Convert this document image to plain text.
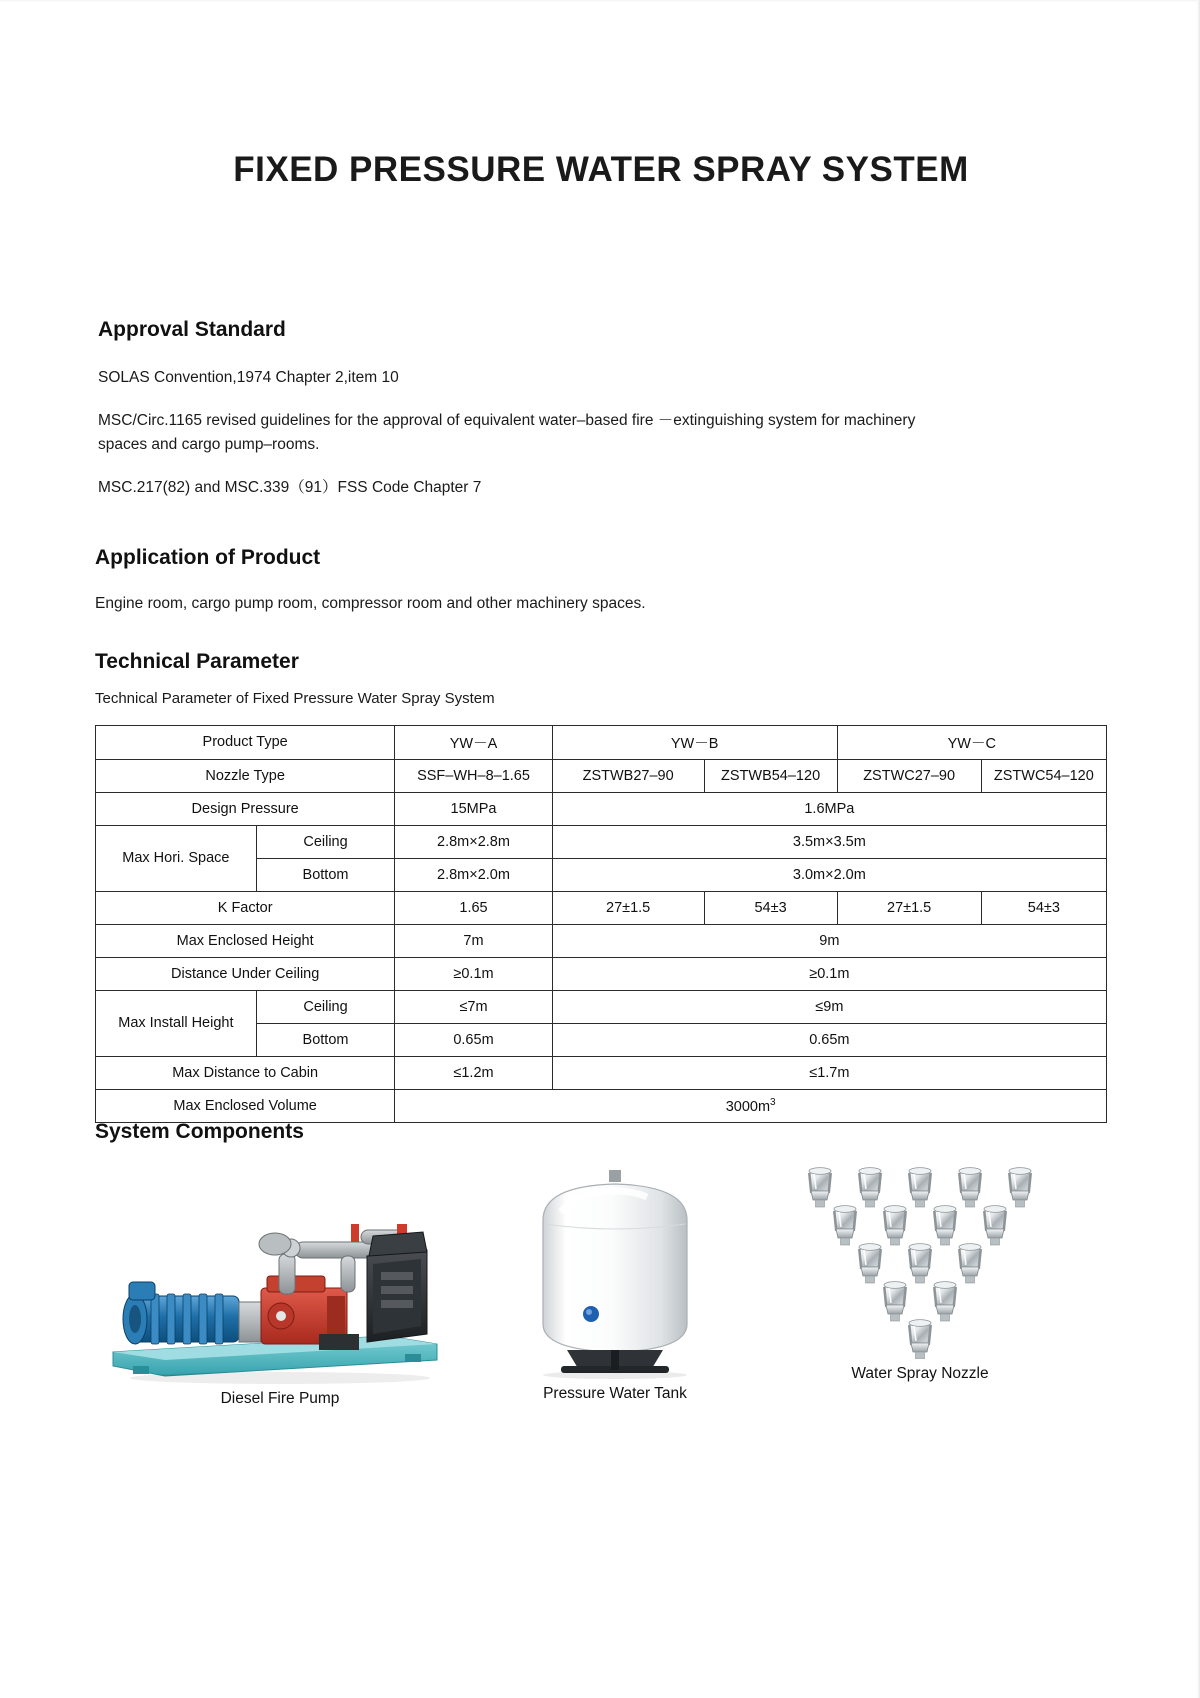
FIXED PRESSURE WATER SPRAY SYSTEM
Approval Standard

SOLAS Convention,1974 Chapter 2,item 10

MSC/Circ.1165 revised guidelines for the approval of equivalent water–based fire －extinguishing system for machinery spaces and cargo pump–rooms.

MSC.217(82) and MSC.339（91）FSS Code Chapter 7

Application of Product

Engine room, cargo pump room, compressor room and other machinery spaces.

Technical Parameter
Technical Parameter of Fixed Pressure Water Spray System
Product Type		YW－A	YW－B		YW－C	
Nozzle Type		SSF–WH–8–1.65	ZSTWB27–90	ZSTWB54–120	ZSTWC27–90	ZSTWC54–120
Design Pressure		15MPa	1.6MPa			
Max Hori. Space	Ceiling	2.8m×2.8m	3.5m×3.5m			
	Bottom	2.8m×2.0m	3.0m×2.0m			
K Factor		1.65	27±1.5	54±3	27±1.5	54±3
Max Enclosed Height		7m	9m			
Distance Under Ceiling		≥0.1m	≥0.1m			
Max Install Height	Ceiling	≤7m	≤9m			
	Bottom	0.65m	0.65m			
Max Distance to Cabin		≤1.2m	≤1.7m			
Max Enclosed Volume		$3000m^3$
System Components
Diesel Fire Pump	Pressure Water Tank
Water Spray Nozzle
